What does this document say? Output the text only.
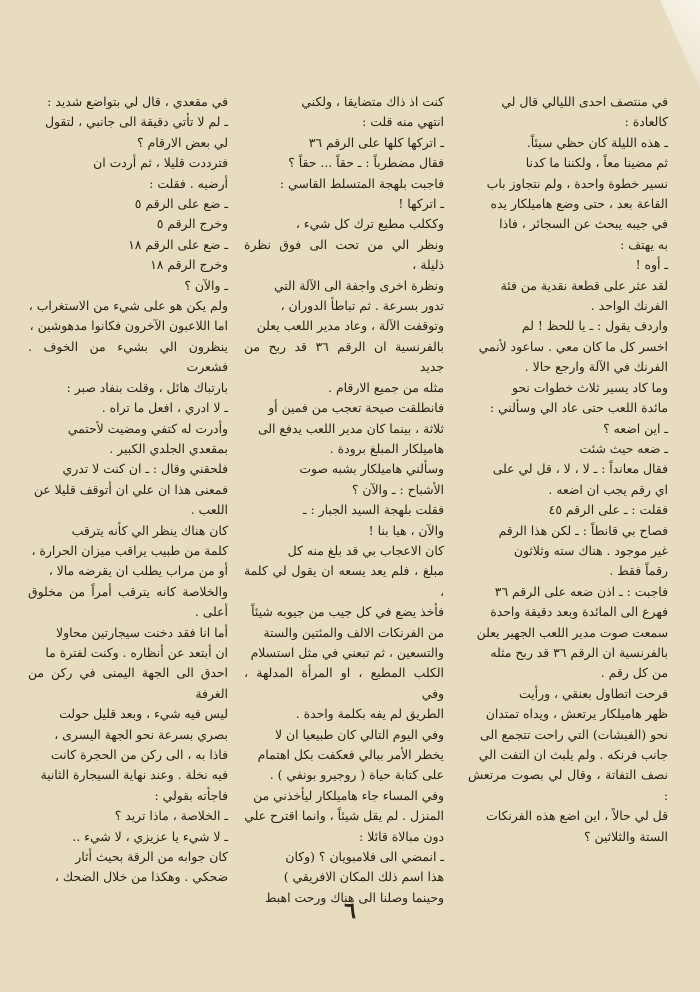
في منتصف احدى الليالي قال لي

كالعادة :

ـ هذه الليلة كان حظي سيئاً.

ثم مضينا معاً ، ولكننا ما كدنا

نسير خطوة واحدة ، ولم نتجاوز باب

القاعة بعد ، حتى وضع هاميلكار يده

في جيبه يبحث عن السجائر ، فاذا

به يهتف :

ـ أوه !

لقد عثر على قطعة نقدية من فئة

الفرنك الواحد .

واردف يقول : ـ يا للحظ ! لم

اخسر كل ما كان معي . ساعود لأنمي

الفرنك في الآلة وارجع حالا .

وما كاد يسير ثلاث خطوات نحو

مائدة اللعب حتى عاد الي وسألني :

ـ اين اضعه ؟

ـ ضعه حيث شئت

فقال معانداً : ـ لا ، لا ، قل لي على

اي رقم يجب ان اضعه .

فقلت : ـ على الرقم ٤٥

فصاح بي قانطاً : ـ لكن هذا الرقم

غير موجود . هناك سته وثلاثون

رقماً فقط .

فاجبت : ـ اذن ضعه على الرقم ٣٦

فهرع الى المائدة وبعد دقيقة واحدة

سمعت صوت مدير اللعب الجهير يعلن

بالفرنسية ان الرقم ٣٦ قد ربح مثله

من كل رقم .

فرحت اتطاول بعنقي ، ورأيت

ظهر هاميلكار يرتعش ، ويداه تمتدان

نحو (الفيشات) التي راحت تتجمع الى

جانب فرنكه . ولم يلبث ان التفت الي

نصف التفاتة ، وقال لي بصوت مرتعش :

قل لي حالاً ، اين اضع هذه الفرنكات

الستة والثلاثين ؟

كنت اذ ذاك متضايقا ، ولكني

انتهي منه قلت :

ـ اتركها كلها على الرقم ٣٦

فقال مضطرباً : ـ حقاً ... حقاً ؟

فاجبت بلهجة المتسلط القاسي :

ـ اتركها !

وككلب مطيع ترك كل شيء ،

ونظر الي من تحت الى فوق نظرة ذليلة ،

ونظرة اخرى واجفة الى الآلة التي

تدور بسرعة . ثم تباطأ الدوران ،

وتوقفت الآلة ، وعاد مدير اللعب يعلن

بالفرنسية ان الرقم ٣٦ قد ربح من جديد

مثله من جميع الارقام .

فانطلقت صيحة تعجب من فمين أو

ثلاثة ، بينما كان مدير اللعب يدفع الى

هاميلكار المبلغ برودة .

وسألني هاميلكار بشبه صوت

الأشباح : ـ والآن ؟

فقلت بلهجة السيد الجبار : ـ

والآن ، هيا بنا !

كان الاعجاب بي قد بلغ منه كل

مبلغ ، فلم يعد يسعه ان يقول لي كلمة ،

فأخذ يضع في كل جيب من جيوبه شيئاً

من الفرنكات الالف والمئتين والستة

والتسعين ، ثم تبعني في مثل استسلام

الكلب المطيع ، او المرأة المدلهة ، وفي

الطريق لم يفه بكلمة واحدة .

وفي اليوم التالي كان طبيعيا ان لا

يخطر الأمر ببالي فعكفت بكل اهتمام

على كتابة حياة ( روجيرو بونفي ) .

وفي المساء جاء هاميلكار ليأخذني من

المنزل . لم يقل شيئاً ، وانما اقترح علي

دون مبالاة قائلا :

ـ انمضي الى فلامبويان ؟ (وكان

هذا اسم ذلك المكان الافريقي )

وحينما وصلنا الى هناك ورحت اهبط

في مقعدي ، قال لي بتواضع شديد :

ـ لم لا تأتي دقيقة الى جانبي ، لتقول

لي بعض الارقام ؟

فترددت قليلا ، ثم أردت ان

أرضيه . فقلت :

ـ ضع على الرقم ٥

وخرج الرقم ٥

ـ ضع على الرقم ١٨

وخرج الرقم ١٨

ـ والآن ؟

ولم يكن هو على شيء من الاستغراب ،

اما اللاعبون الآخرون فكانوا مدهوشين ،

ينظرون الي بشيء من الخوف . فشعرت

بارتباك هائل ، وقلت بنفاد صبر :

ـ لا ادري ، افعل ما تراه .

وأدرت له كتفي ومضيت لأحتمي

بمقعدي الجلدي الكبير .

فلحقني وقال : ـ ان كنت لا تدري

فمعنى هذا ان علي ان أتوقف قليلا عن

اللعب .

كان هناك ينظر الي كأنه يترقب

كلمة من طبيب يراقب ميزان الحرارة ،

أو من مراب يطلب ان يقرضه مالا ،

والخلاصة كانه يترقب أمراً من مخلوق أعلى .

أما انا فقد دخنت سيجارتين محاولا

ان أبتعد عن أنظاره . وكنت لفترة ما

احدق الى الجهة اليمنى في ركن من الغرفة

ليس فيه شيء ، وبعد قليل حولت

بصري بسرعة نحو الجهة اليسرى ،

فاذا به ، الى ركن من الحجرة كانت

فيه نخلة . وعند نهاية السيجارة الثانية

فاجأته بقولي :

ـ الخلاصة ، ماذا تريد ؟

ـ لا شيء يا عزيزي ، لا شيء ..

كان جوابه من الرقة بحيث أثار

ضحكي . وهكذا من خلال الضحك ،

٦
